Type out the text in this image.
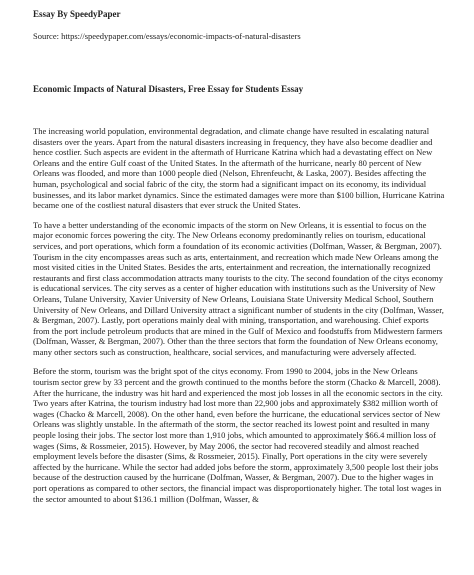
Essay By SpeedyPaper
Source: https://speedypaper.com/essays/economic-impacts-of-natural-disasters
Economic Impacts of Natural Disasters, Free Essay for Students Essay

The increasing world population, environmental degradation, and climate change have resulted in escalating natural disasters over the years. Apart from the natural disasters increasing in frequency, they have also become deadlier and hence costlier. Such aspects are evident in the aftermath of Hurricane Katrina which had a devastating effect on New Orleans and the entire Gulf coast of the United States. In the aftermath of the hurricane, nearly 80 percent of New Orleans was flooded, and more than 1000 people died (Nelson, Ehrenfeucht, & Laska, 2007). Besides affecting the human, psychological and social fabric of the city, the storm had a significant impact on its economy, its individual businesses, and its labor market dynamics. Since the estimated damages were more than $100 billion, Hurricane Katrina became one of the costliest natural disasters that ever struck the United States.

To have a better understanding of the economic impacts of the storm on New Orleans, it is essential to focus on the major economic forces powering the city. The New Orleans economy predominantly relies on tourism, educational services, and port operations, which form a foundation of its economic activities (Dolfman, Wasser, & Bergman, 2007). Tourism in the city encompasses areas such as arts, entertainment, and recreation which made New Orleans among the most visited cities in the United States. Besides the arts, entertainment and recreation, the internationally recognized restaurants and first class accommodation attracts many tourists to the city. The second foundation of the citys economy is educational services. The city serves as a center of higher education with institutions such as the University of New Orleans, Tulane University, Xavier University of New Orleans, Louisiana State University Medical School, Southern University of New Orleans, and Dillard University attract a significant number of students in the city (Dolfman, Wasser, & Bergman, 2007). Lastly, port operations mainly deal with mining, transportation, and warehousing. Chief exports from the port include petroleum products that are mined in the Gulf of Mexico and foodstuffs from Midwestern farmers (Dolfman, Wasser, & Bergman, 2007). Other than the three sectors that form the foundation of New Orleans economy, many other sectors such as construction, healthcare, social services, and manufacturing were adversely affected.

Before the storm, tourism was the bright spot of the citys economy. From 1990 to 2004, jobs in the New Orleans tourism sector grew by 33 percent and the growth continued to the months before the storm (Chacko & Marcell, 2008). After the hurricane, the industry was hit hard and experienced the most job losses in all the economic sectors in the city. Two years after Katrina, the tourism industry had lost more than 22,900 jobs and approximately $382 million worth of wages (Chacko & Marcell, 2008). On the other hand, even before the hurricane, the educational services sector of New Orleans was slightly unstable. In the aftermath of the storm, the sector reached its lowest point and resulted in many people losing their jobs. The sector lost more than 1,910 jobs, which amounted to approximately $66.4 million loss of wages (Sims, & Rossmeier, 2015). However, by May 2006, the sector had recovered steadily and almost reached employment levels before the disaster (Sims, & Rossmeier, 2015). Finally, Port operations in the city were severely affected by the hurricane. While the sector had added jobs before the storm, approximately 3,500 people lost their jobs because of the destruction caused by the hurricane (Dolfman, Wasser, & Bergman, 2007). Due to the higher wages in port operations as compared to other sectors, the financial impact was disproportionately higher. The total lost wages in the sector amounted to about $136.1 million (Dolfman, Wasser, &
